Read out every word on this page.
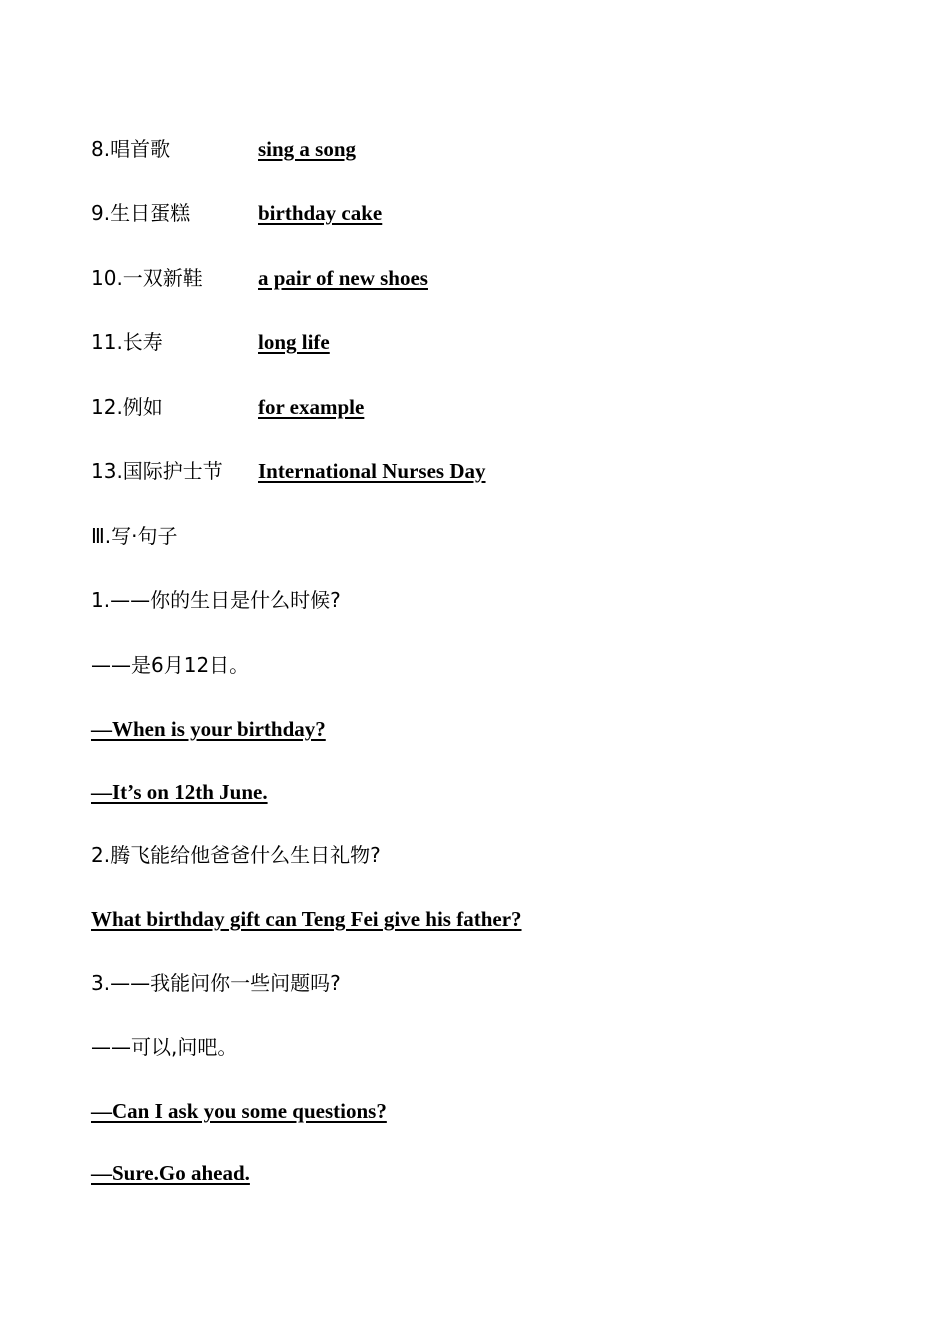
8.唱首歌	sing a song
9.生日蛋糕	birthday cake
10.一双新鞋	a pair of new shoes
11.长寿	long life
12.例如	for example
13.国际护士节 International Nurses Day
Ⅲ.写·句子
1.——你的生日是什么时候?
——是6月12日。
—When is your birthday?
—It’s on 12th June.
2.腾飞能给他爸爸什么生日礼物?
What birthday gift can Teng Fei give his father?
3.——我能问你一些问题吗?
——可以,问吧。
—Can I ask you some questions?
—Sure.Go ahead.
